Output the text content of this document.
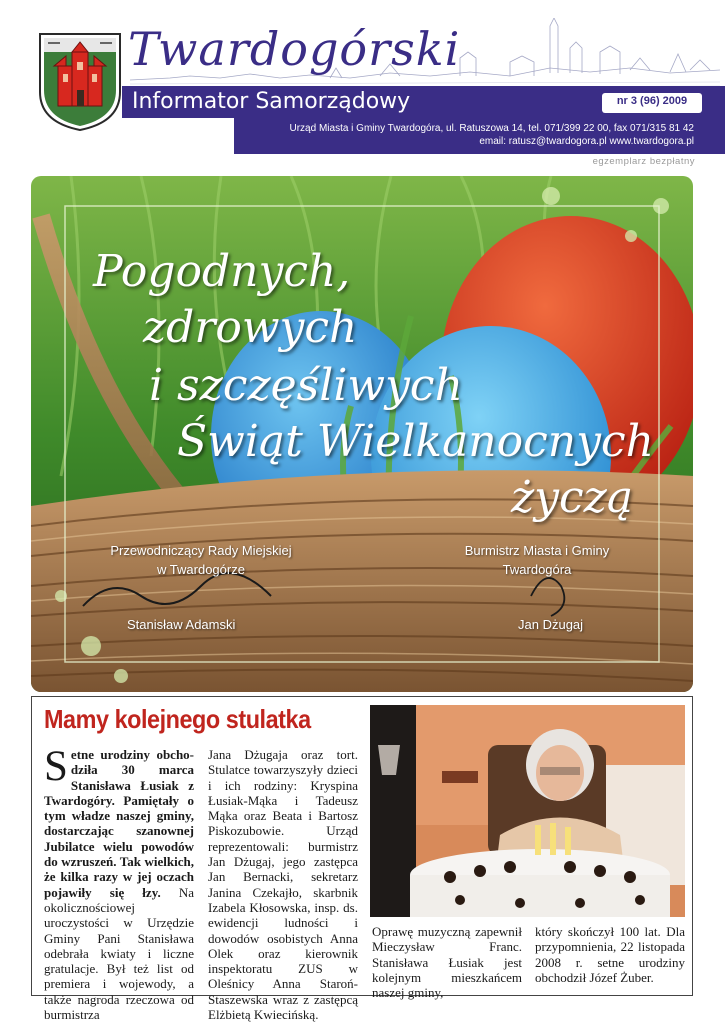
Twardogórski
Informator Samorządowy	nr 3 (96) 2009
Urząd Miasta i Gminy Twardogóra, ul. Ratuszowa 14, tel. 071/399 22 00, fax 071/315 81 42
email: ratusz@twardogora.pl www.twardogora.pl
egzemplarz bezpłatny
Pogodnych,
zdrowych
i szczęśliwych
Świąt Wielkanocnych
życzą
Przewodniczący Rady Miejskiej
w Twardogórze
Stanisław Adamski
Burmistrz Miasta i Gminy
Twardogóra
Jan Dżugaj
Mamy kolejnego stulatka

Setne urodziny obcho-dziła 30 marca Stanisława Łusiak z Twardogóry. Pamiętały o tym władze naszej gminy, dostarczając szanownej Jubilatce wielu powodów do wzruszeń. Tak wielkich, że kilka razy w jej oczach pojawiły się łzy. Na okolicznościowej uroczystości w Urzędzie Gminy Pani Stanisława odebrała kwiaty i liczne gratulacje. Był też list od premiera i wojewody, a także nagroda rzeczowa od burmistrza

Jana Dżugaja oraz tort. Stulatce towarzyszyły dzieci i ich rodziny: Kryspina Łusiak-Mąka i Tadeusz Mąka oraz Beata i Bartosz Piskozubowie. Urząd reprezentowali: burmistrz Jan Dżugaj, jego zastępca Jan Bernacki, sekretarz Janina Czekajło, skarbnik Izabela Kłosowska, insp. ds. ewidencji ludności i dowodów osobistych Anna Olek oraz kierownik inspektoratu ZUS w Oleśnicy Anna Staroń-Staszewska wraz z zastępcą Elżbietą Kwiecińską.
Oprawę muzyczną zapewnił Mieczysław Franc. Stanisława Łusiak jest kolejnym mieszkańcem naszej gminy,
który skończył 100 lat. Dla przypomnienia, 22 listopada 2008 r. setne urodziny obchodził Józef Żuber.
